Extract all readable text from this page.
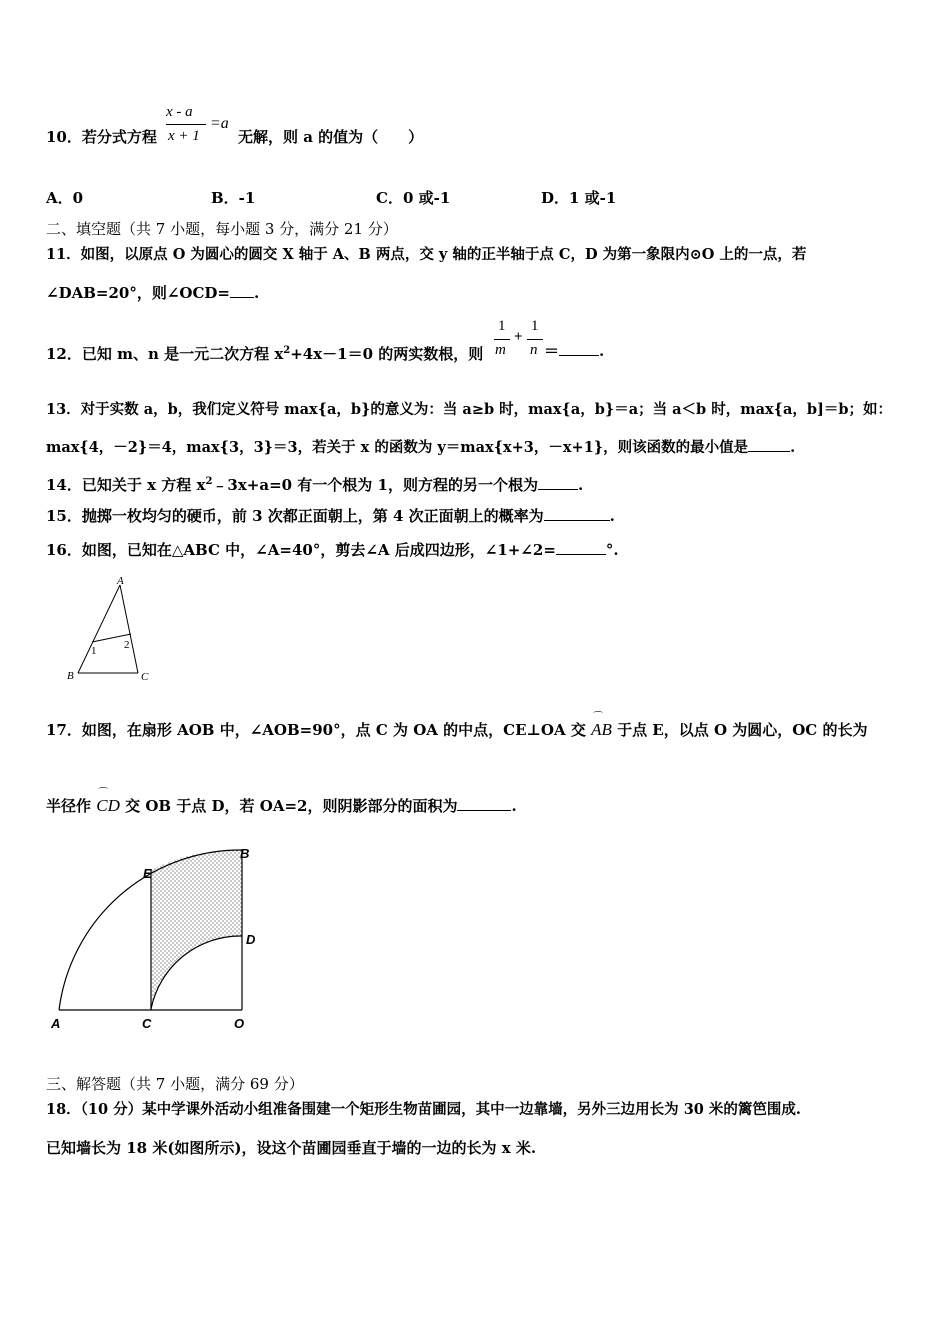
10．若分式方程
x - a
x + 1
=a
无解，则 a 的值为（　　）
A．0	B．-1	C．0 或-1	D．1 或-1
二、填空题（共 7 小题，每小题 3 分，满分 21 分）
11．如图，以原点 O 为圆心的圆交 X 轴于 A、B 两点，交 y 轴的正半轴于点 C，D 为第一象限内⊙O 上的一点，若
∠DAB=20°，则∠OCD= .
12．已知 m、n 是一元二次方程 $x^2+4x-1=0$ 的两实数根，则
1
m
+
1
n ＝	.
13．对于实数 a，b，我们定义符号 max{a，b}的意义为：当 a≥b 时，max{a，b}＝a；当 a＜b 时，max{a，b]＝b；如：
max{4，－2}＝4，max{3，3}＝3，若关于 x 的函数为 y＝max{x+3，－x+1}，则该函数的最小值是	.
14．已知关于 x 方程 $x^2﹣3x+a=0$ 有一个根为 1，则方程的另一个根为	.
15．抛掷一枚均匀的硬币，前 3 次都正面朝上，第 4 次正面朝上的概率为	.
16．如图，已知在△ABC 中，∠A=40°，剪去∠A 后成四边形，∠1+∠2=	°.
A
1	2
B	C
17．如图，在扇形 AOB 中，∠AOB=90°，点 C 为 OA 的中点，CE⊥OA 交
⌒
AB 于点 E，以点 O 为圆心，OC 的长为
半径作
⌒
CD 交 OB 于点 D，若 OA=2，则阴影部分的面积为	.
E
B
D
A	C	O
三、解答题（共 7 小题，满分 69 分）
18．（10 分）某中学课外活动小组准备围建一个矩形生物苗圃园，其中一边靠墙，另外三边用长为 30 米的篱笆围成.
已知墙长为 18 米(如图所示)，设这个苗圃园垂直于墙的一边的长为 x 米.
